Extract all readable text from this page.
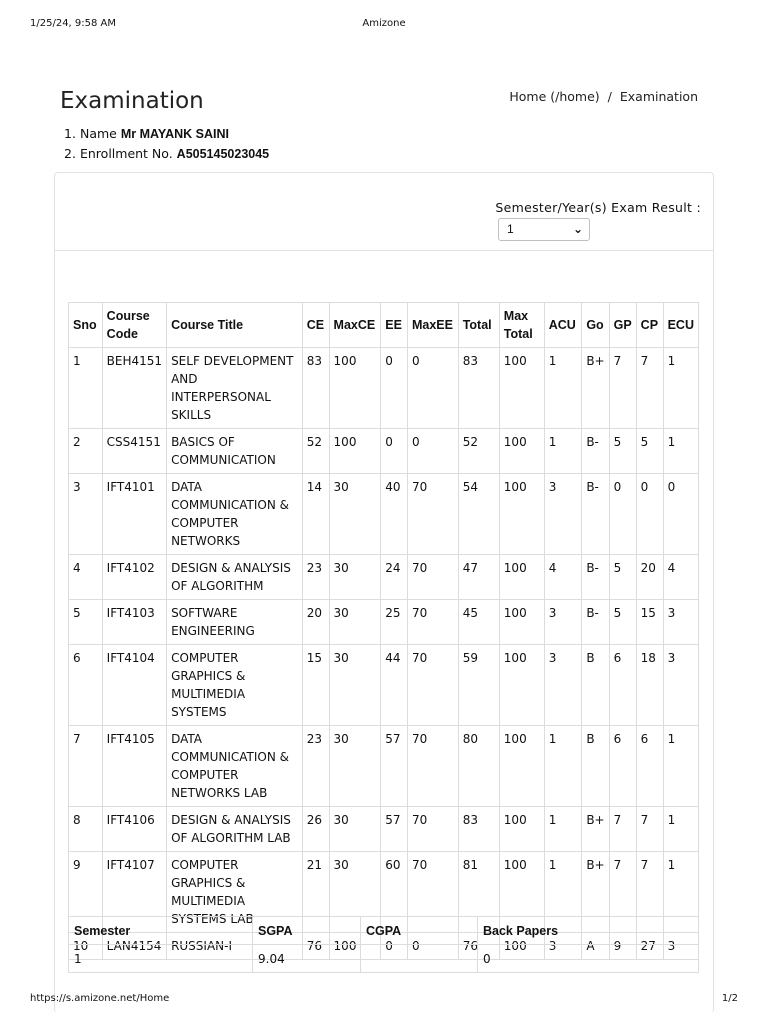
1/25/24, 9:58 AM	Amizone
Examination	Home (/home) / Examination
1. Name Mr MAYANK SAINI
2. Enrollment No. A505145023045
Semester/Year(s) Exam Result :
1	⌄
Sno	Course Code	Course Title	CE	MaxCE	EE	MaxEE	Total	Max Total	ACU	Go	GP	CP	ECU
1	BEH4151	SELF DEVELOPMENT AND INTERPERSONAL SKILLS	83	100	0	0	83	100	1	B+	7	7	1
2	CSS4151	BASICS OF COMMUNICATION	52	100	0	0	52	100	1	B-	5	5	1
3	IFT4101	DATA COMMUNICATION & COMPUTER NETWORKS	14	30	40	70	54	100	3	B-	0	0	0
4	IFT4102	DESIGN & ANALYSIS OF ALGORITHM	23	30	24	70	47	100	4	B-	5	20	4
5	IFT4103	SOFTWARE ENGINEERING	20	30	25	70	45	100	3	B-	5	15	3
6	IFT4104	COMPUTER GRAPHICS & MULTIMEDIA SYSTEMS	15	30	44	70	59	100	3	B	6	18	3
7	IFT4105	DATA COMMUNICATION & COMPUTER NETWORKS LAB	23	30	57	70	80	100	1	B	6	6	1
8	IFT4106	DESIGN & ANALYSIS OF ALGORITHM LAB	26	30	57	70	83	100	1	B+	7	7	1
9	IFT4107	COMPUTER GRAPHICS & MULTIMEDIA SYSTEMS LAB	21	30	60	70	81	100	1	B+	7	7	1
10	LAN4154	RUSSIAN-I	76	100	0	0	76	100	3	A	9	27	3
Semester	SGPA	CGPA	Back Papers
1	9.04		0
https://s.amizone.net/Home	1/2
